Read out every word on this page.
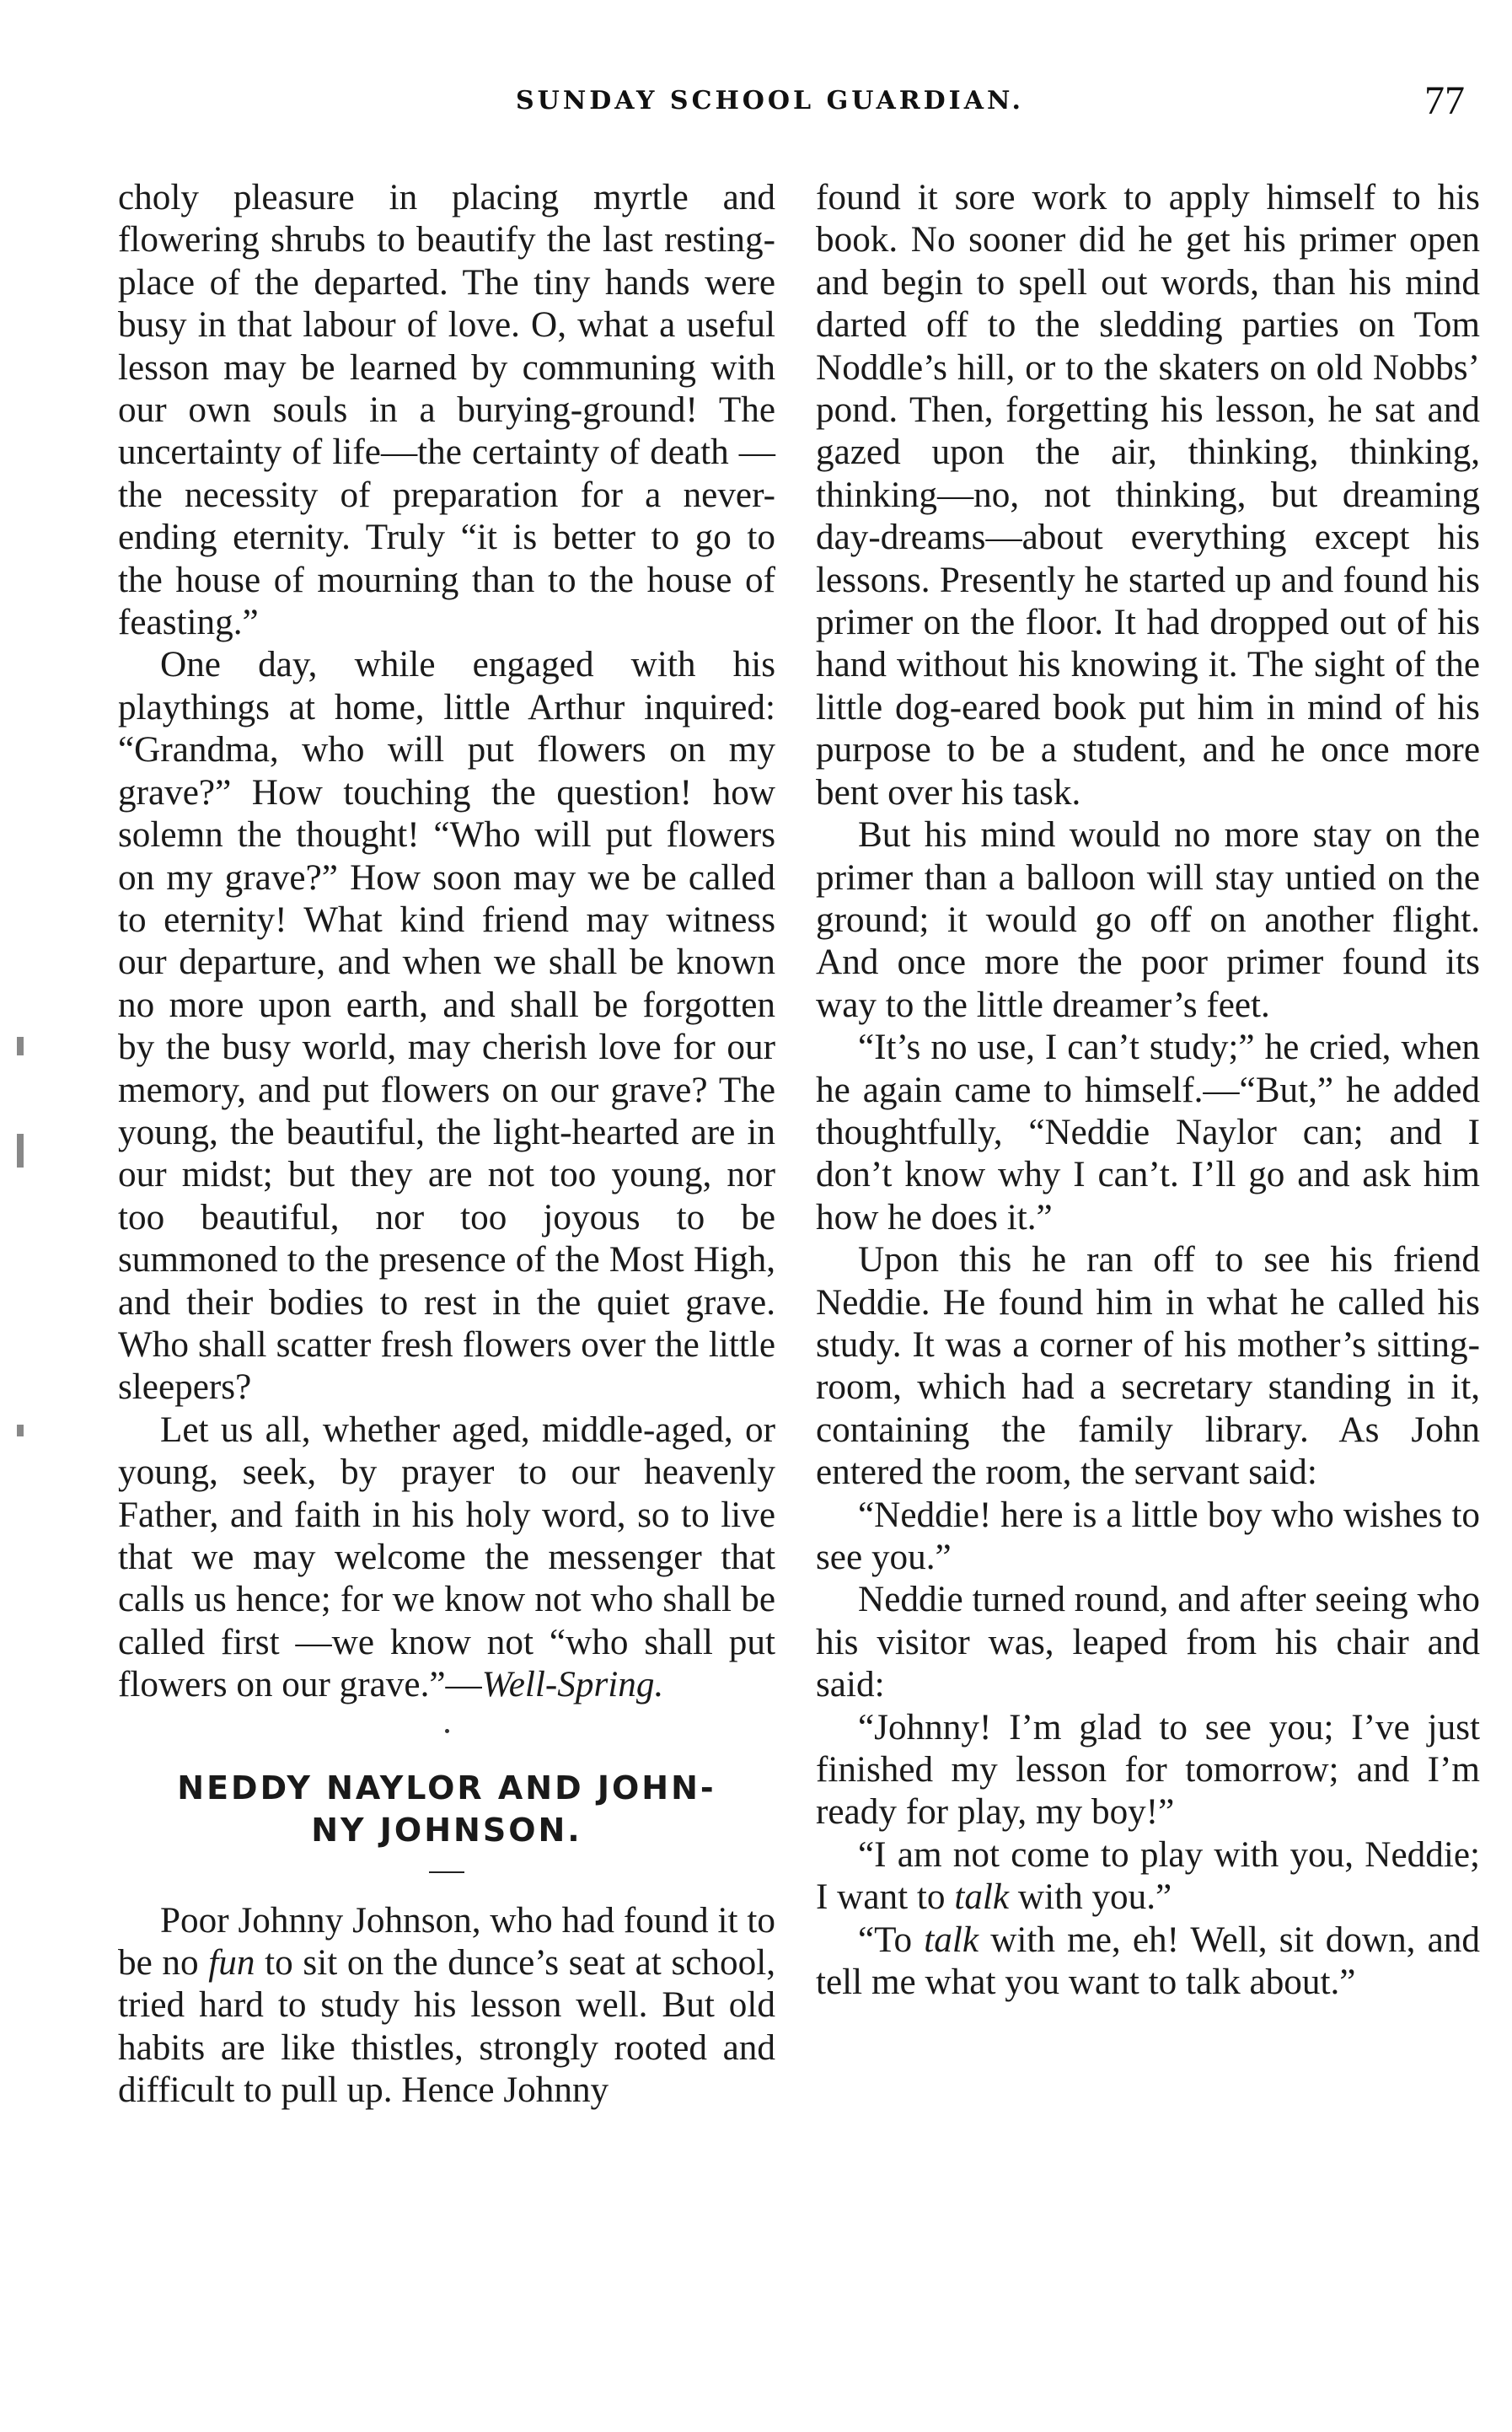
SUNDAY SCHOOL GUARDIAN.	77

choly pleasure in placing myrtle and flowering shrubs to beautify the last resting-place of the departed. The tiny hands were busy in that labour of love. O, what a useful lesson may be learned by communing with our own souls in a burying-ground! The uncertainty of life—the certainty of death —the necessity of preparation for a never-ending eternity. Truly “it is better to go to the house of mourning than to the house of feasting.”

One day, while engaged with his playthings at home, little Arthur inquired: “Grandma, who will put flowers on my grave?” How touching the question! how solemn the thought! “Who will put flowers on my grave?” How soon may we be called to eternity! What kind friend may witness our departure, and when we shall be known no more upon earth, and shall be forgotten by the busy world, may cherish love for our memory, and put flowers on our grave? The young, the beautiful, the light-hearted are in our midst; but they are not too young, nor too beautiful, nor too joyous to be summoned to the presence of the Most High, and their bodies to rest in the quiet grave. Who shall scatter fresh flowers over the little sleepers?

Let us all, whether aged, middle-aged, or young, seek, by prayer to our heavenly Father, and faith in his holy word, so to live that we may welcome the messenger that calls us hence; for we know not who shall be called first —we know not “who shall put flowers on our grave.”—Well-Spring.

NEDDY NAYLOR AND JOHN-

NY JOHNSON.

Poor Johnny Johnson, who had found it to be no fun to sit on the dunce’s seat at school, tried hard to study his lesson well. But old habits are like thistles, strongly rooted and difficult to pull up. Hence Johnny

found it sore work to apply himself to his book. No sooner did he get his primer open and begin to spell out words, than his mind darted off to the sledding parties on Tom Noddle’s hill, or to the skaters on old Nobbs’ pond. Then, forgetting his lesson, he sat and gazed upon the air, thinking, thinking, thinking—no, not thinking, but dreaming day-dreams—about everything except his lessons. Presently he started up and found his primer on the floor. It had dropped out of his hand without his knowing it. The sight of the little dog-eared book put him in mind of his purpose to be a student, and he once more bent over his task.

But his mind would no more stay on the primer than a balloon will stay untied on the ground; it would go off on another flight. And once more the poor primer found its way to the little dreamer’s feet.

“It’s no use, I can’t study;” he cried, when he again came to himself.—“But,” he added thoughtfully, “Neddie Naylor can; and I don’t know why I can’t. I’ll go and ask him how he does it.”

Upon this he ran off to see his friend Neddie. He found him in what he called his study. It was a corner of his mother’s sitting-room, which had a secretary standing in it, containing the family library. As John entered the room, the servant said:

“Neddie! here is a little boy who wishes to see you.”

Neddie turned round, and after seeing who his visitor was, leaped from his chair and said:

“Johnny! I’m glad to see you; I’ve just finished my lesson for tomorrow; and I’m ready for play, my boy!”

“I am not come to play with you, Neddie; I want to talk with you.”

“To talk with me, eh! Well, sit down, and tell me what you want to talk about.”
